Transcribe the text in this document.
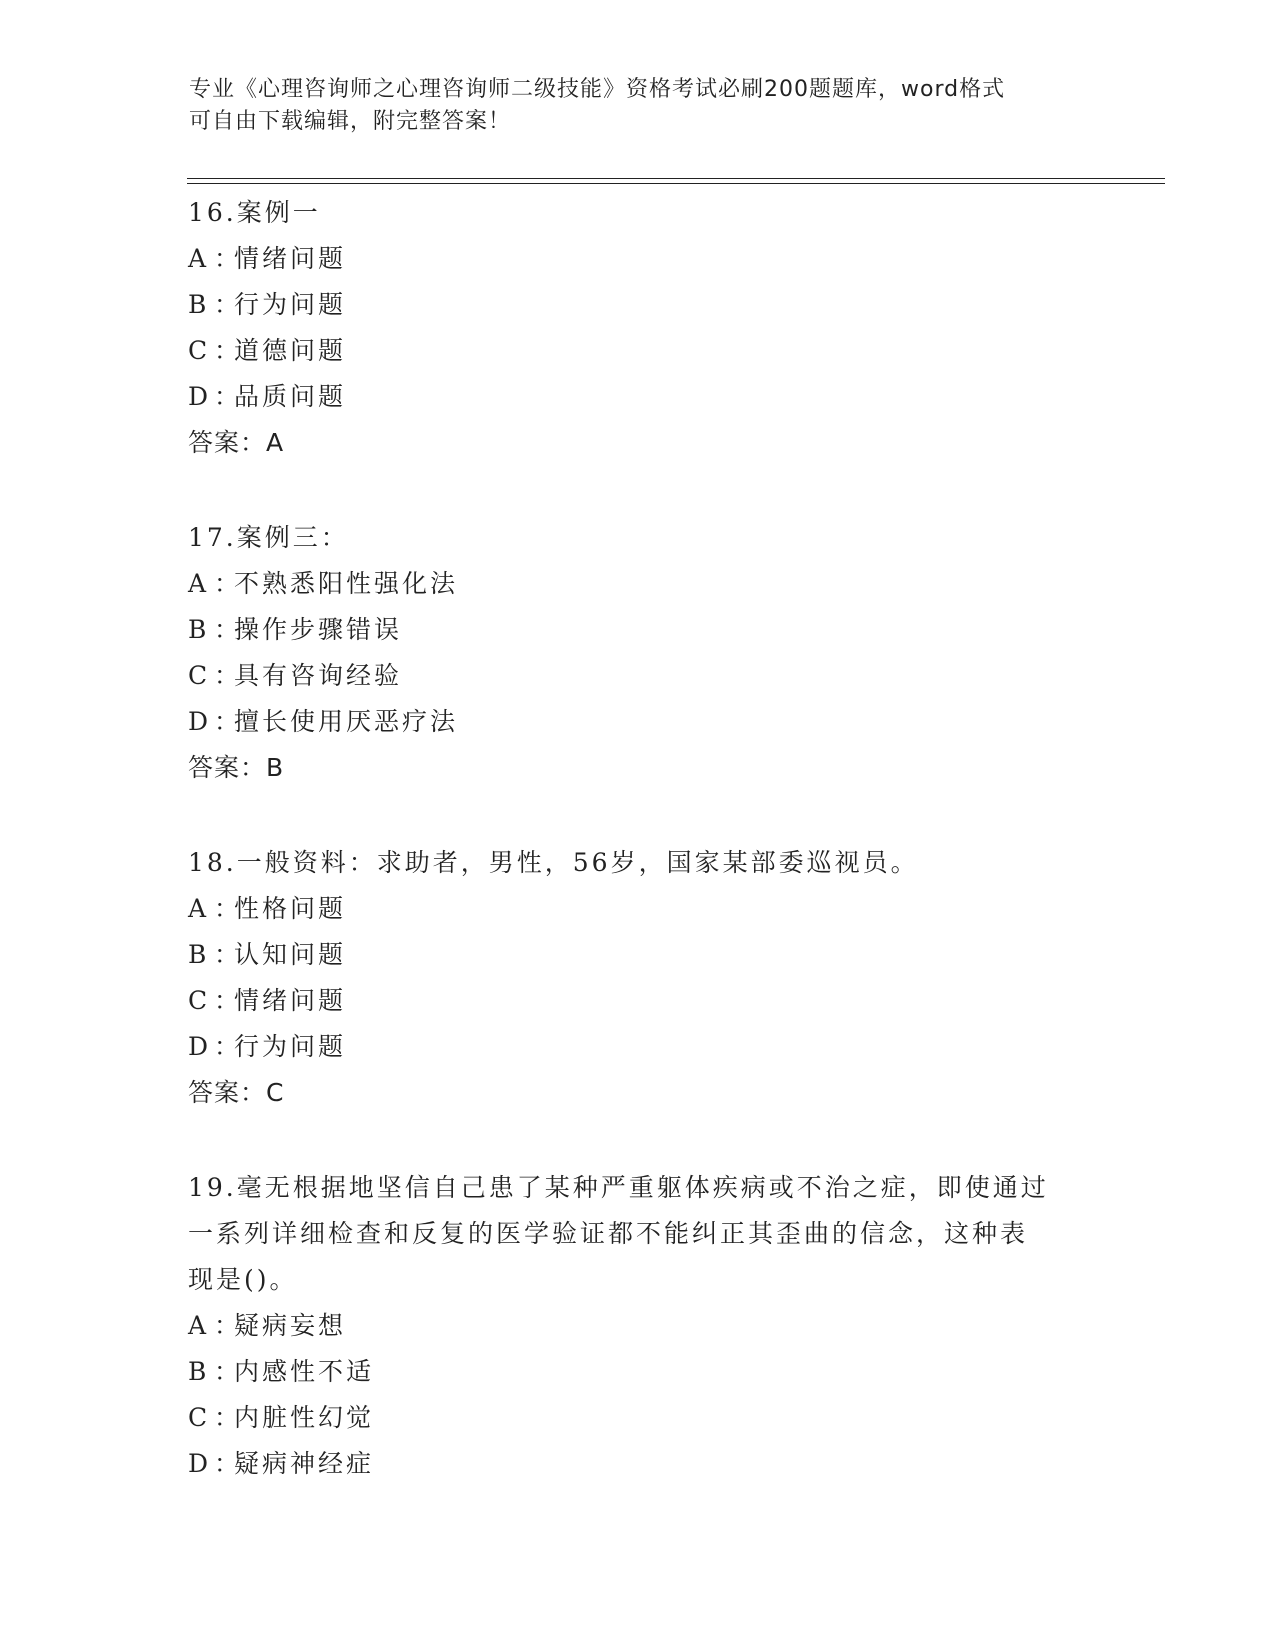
专业《心理咨询师之心理咨询师二级技能》资格考试必刷200题题库，word格式
可自由下载编辑，附完整答案！
16.案例一
A ：情绪问题
B ：行为问题
C ：道德问题
D ：品质问题
答案：A
17.案例三：
A ：不熟悉阳性强化法
B ：操作步骤错误
C ：具有咨询经验
D ：擅长使用厌恶疗法
答案：B
18.一般资料：求助者，男性，56岁，国家某部委巡视员。
A ：性格问题
B ：认知问题
C ：情绪问题
D ：行为问题
答案：C
19.毫无根据地坚信自己患了某种严重躯体疾病或不治之症，即使通过
一系列详细检查和反复的医学验证都不能纠正其歪曲的信念，这种表
现是()。
A ：疑病妄想
B ：内感性不适
C ：内脏性幻觉
D ：疑病神经症
